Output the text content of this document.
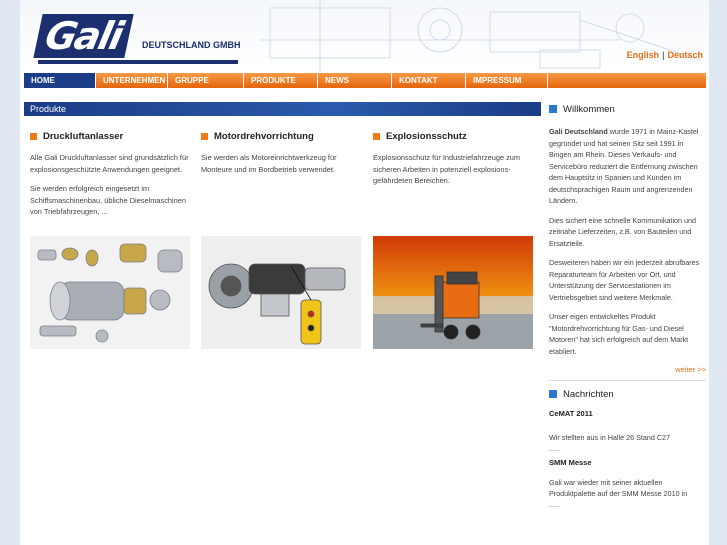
Gali	DEUTSCHLAND GMBH
English | Deutsch
HOME	UNTERNEHMEN	GRUPPE	PRODUKTE	NEWS	KONTAKT	IMPRESSUM
Produkte
Druckluftanlasser

Alle Gali Druckluftanlasser sind grundsätzlich für explosionsgeschützte Anwendungen geeignet.

Sie werden erfolgreich eingesetzt im Schiffsmaschinenbau, übliche Dieselmaschinen von Triebfahrzeugen, ...

Motordrehvorrichtung

Sie werden als Motoreinrichtwerkzeug für Monteure und im Bordbetrieb verwendet.

Explosionsschutz

Explosionsschutz für Industriefahrzeuge zum sicheren Arbeiten in potenziell explosions-gefährdeten Bereichen.

Willkommen

Gali Deutschland wurde 1971 in Mainz-Kastel gegründet und hat seinen Sitz seit 1991 in Bingen am Rhein. Dieses Verkaufs- und Servicebüro reduziert die Entfernung zwischen dem Hauptsitz in Spanien und Kunden im deutschsprachigen Raum und angrenzenden Ländern.

Dies sichert eine schnelle Kommunikation und zeitnahe Lieferzeiten, z.B. von Bauteilen und Ersatzteile.

Desweiteren haben wir ein jederzeit abrufbares Reparaturteam für Arbeiten vor Ort, und Unterstützung der Servicestationen im Vertriebsgebiet sind weitere Merkmale.

Unser eigen entwickeltes Produkt "Motordrehvorrichtung für Gas- und Diesel Motoren" hat sich erfolgreich auf dem Markt etabliert.

weiter >>
Nachrichten
CeMAT 2011
Wir stellten aus in Halle 26 Stand C27
.....
SMM Messe
Gali war wieder mit seiner aktuellen Produktpalette auf der SMM Messe 2010 in
.....
